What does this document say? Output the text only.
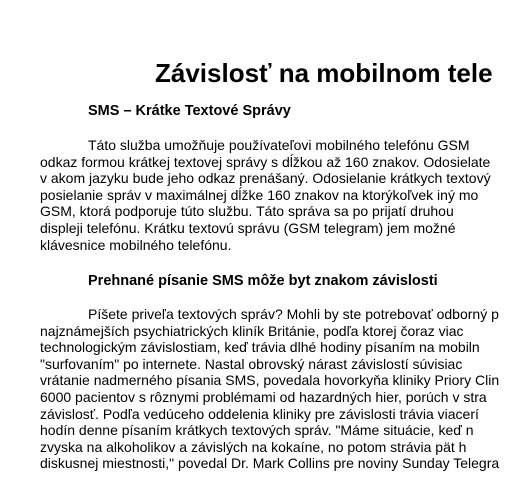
Závislosť na mobilnom tele
SMS – Krátke Textové Správy
Táto služba umožňuje používateľovi mobilného telefónu GSM
odkaz formou krátkej textovej správy s dĺžkou až 160 znakov. Odosielate
v akom jazyku bude jeho odkaz prenášaný. Odosielanie krátkych textový
posielanie správ v maximálnej dĺžke 160 znakov na ktorýkoľvek iný mo
GSM, ktorá podporuje túto službu. Táto správa sa po prijatí druhou
displeji telefónu. Krátku textovú správu (GSM telegram) jem možné
klávesnice mobilného telefónu.
Prehnané písanie SMS môže byt znakom závislosti
Píšete priveľa textových správ? Mohli by ste potrebovať odborný p
najznámejších psychiatrických kliník Británie, podľa ktorej čoraz viac
technologickým závislostiam, keď trávia dlhé hodiny písaním na mobiln
"surfovaním" po internete. Nastal obrovský nárast závislostí súvisiac
vrátanie nadmerného písania SMS, povedala hovorkyňa kliniky Priory Clin
6000 pacientov s rôznymi problémami od hazardných hier, porúch v stra
závislosť. Podľa vedúceho oddelenia kliniky pre závislosti trávia viacerí
hodín denne písaním krátkych textových správ. "Máme situácie, keď n
zvyska na alkoholikov a závislých na kokaíne, no potom strávia pät h
diskusnej miestnosti," povedal Dr. Mark Collins pre noviny Sunday Telegra
